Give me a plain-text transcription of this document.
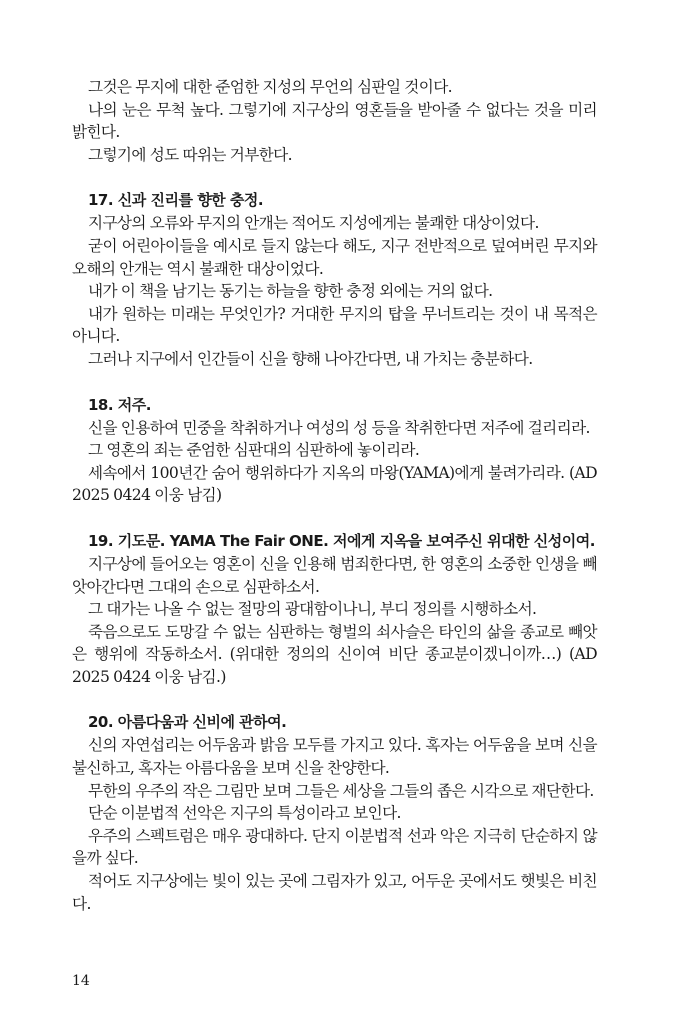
그것은 무지에 대한 준엄한 지성의 무언의 심판일 것이다.

나의 눈은 무척 높다. 그렇기에 지구상의 영혼들을 받아줄 수 없다는 것을 미리 밝힌다.

그렇기에 성도 따위는 거부한다.

17. 신과 진리를 향한 충정.

지구상의 오류와 무지의 안개는 적어도 지성에게는 불쾌한 대상이었다.

굳이 어린아이들을 예시로 들지 않는다 해도, 지구 전반적으로 덮여버린 무지와 오해의 안개는 역시 불쾌한 대상이었다.

내가 이 책을 남기는 동기는 하늘을 향한 충정 외에는 거의 없다.

내가 원하는 미래는 무엇인가? 거대한 무지의 탑을 무너트리는 것이 내 목적은 아니다.

그러나 지구에서 인간들이 신을 향해 나아간다면, 내 가치는 충분하다.

18. 저주.

신을 인용하여 민중을 착취하거나 여성의 성 등을 착취한다면 저주에 걸리리라.

그 영혼의 죄는 준엄한 심판대의 심판하에 놓이리라.

세속에서 100년간 숨어 행위하다가 지옥의 마왕(YAMA)에게 불려가리라. (AD 2025 0424 이웅 남김)

19. 기도문. YAMA The Fair ONE. 저에게 지옥을 보여주신 위대한 신성이여.

지구상에 들어오는 영혼이 신을 인용해 범죄한다면, 한 영혼의 소중한 인생을 빼앗아간다면 그대의 손으로 심판하소서.

그 대가는 나올 수 없는 절망의 광대함이나니, 부디 정의를 시행하소서.

죽음으로도 도망갈 수 없는 심판하는 형벌의 쇠사슬은 타인의 삶을 종교로 빼앗은 행위에 작동하소서. (위대한 정의의 신이여 비단 종교분이겠니이까…) (AD 2025 0424 이웅 남김.)

20. 아름다움과 신비에 관하여.

신의 자연섭리는 어두움과 밝음 모두를 가지고 있다. 혹자는 어두움을 보며 신을 불신하고, 혹자는 아름다움을 보며 신을 찬양한다.

무한의 우주의 작은 그림만 보며 그들은 세상을 그들의 좁은 시각으로 재단한다.

단순 이분법적 선악은 지구의 특성이라고 보인다.

우주의 스펙트럼은 매우 광대하다. 단지 이분법적 선과 악은 지극히 단순하지 않을까 싶다.

적어도 지구상에는 빛이 있는 곳에 그림자가 있고, 어두운 곳에서도 햇빛은 비친다.

14
